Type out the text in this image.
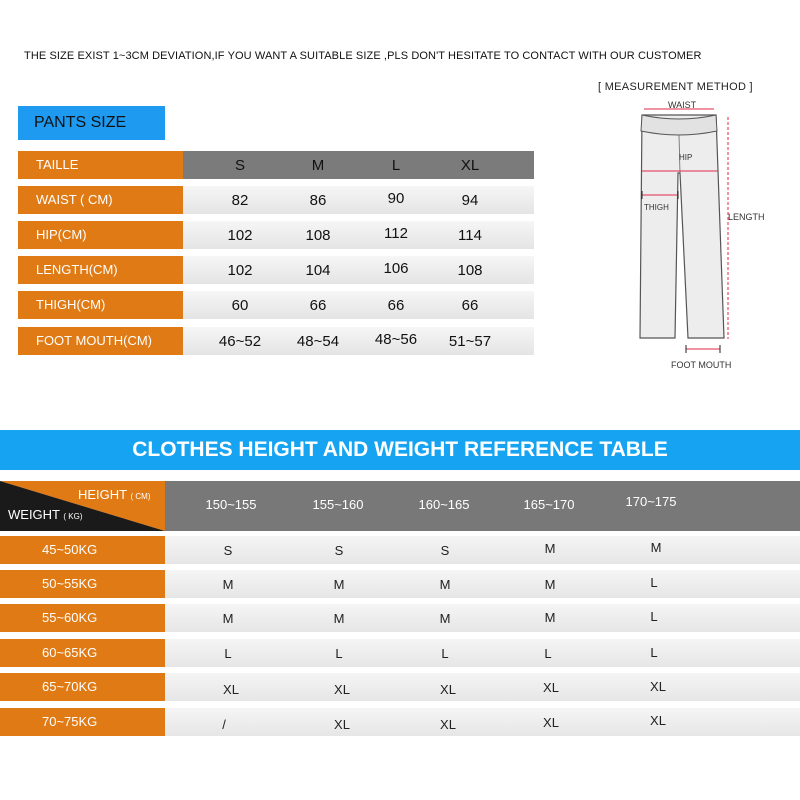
THE SIZE EXIST 1~3CM DEVIATION,IF YOU WANT A SUITABLE SIZE ,PLS DON'T HESITATE TO CONTACT WITH OUR CUSTOMER
PANTS SIZE
TAILLE	S	M	L	XL
WAIST ( CM)	82	86	90	94
HIP(CM)	102	108	112	114
LENGTH(CM)	102	104	106	108
THIGH(CM)	60	66	66	66
FOOT MOUTH(CM)	46~52	48~54	48~56	51~57
[ MEASUREMENT METHOD ]
WAIST
HIP
THIGH
LENGTH
FOOT MOUTH
CLOTHES HEIGHT AND WEIGHT REFERENCE TABLE
HEIGHT ( CM)
WEIGHT ( KG)
150~155	155~160	160~165	165~170	170~175
45~50KG	S	S	S	M	M
50~55KG	M	M	M	M	L
55~60KG	M	M	M	M	L
60~65KG	L	L	L	L	L
65~70KG	XL	XL	XL	XL	XL
70~75KG	/	XL	XL	XL	XL
